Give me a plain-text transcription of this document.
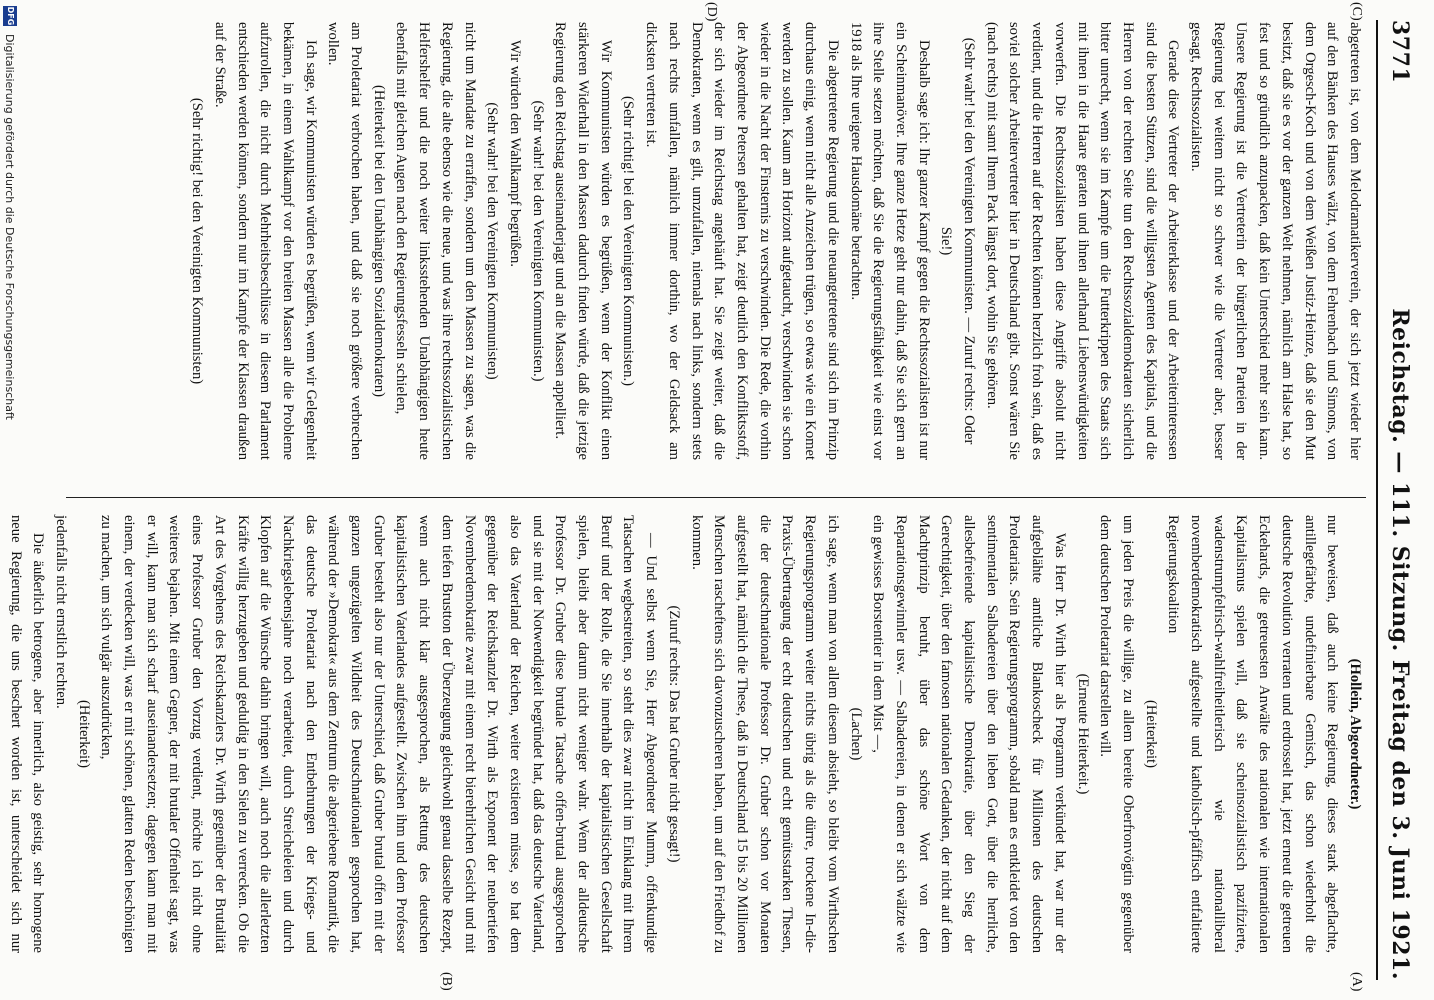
3771
Reichstag. — 111. Sitzung. Freitag den 3. Juni 1921.
(C)
(D)
(A)
(B)

abgetreten ist, von dem Melodramatikerverein, der sich jetzt wieder hier auf den Bänken des Hauses wälzt, von dem Fehrenbach und Simons, von dem Orgesch-Koch und von dem Weißen Justiz-Heinze, daß sie den Mut besitzt, daß sie es vor der ganzen Welt nehmen, nämlich am Halse hat, so fest und so gründlich anzupacken, daß kein Unterschied mehr sein kann. Unsere Regierung ist die Vertreterin der bürgerlichen Parteien in der Regierung bei weitem nicht so schwer wie die Vertreter aber, besser gesagt, Rechtssozialisten.

Gerade diese Vertreter der Arbeiterklasse und der Arbeiterinteressen sind die besten Stützen, sind die willigsten Agenten des Kapitals, und die Herren von der rechten Seite tun den Rechtssozialdemokraten sicherlich bitter unrecht, wenn sie im Kampfe um die Futterkrippen des Staats sich mit ihnen in die Haare geraten und ihnen allerhand Liebenswürdigkeiten vorwerfen. Die Rechtssozialisten haben diese Angriffe absolut nicht verdient, und die Herren auf der Rechten können herzlich froh sein, daß es soviel solcher Arbeitervertreter hier in Deutschland gibt. Sonst wären Sie (nach rechts) mit samt Ihrem Pack längst dort, wohin Sie gehören.

(Sehr wahr! bei den Vereinigten Kommunisten. — Zuruf rechts: Oder Sie!)

Deshalb sage ich: Ihr ganzer Kampf gegen die Rechtssozialisten ist nur ein Scheinmanöver. Ihre ganze Hetze geht nur dahin, daß Sie sich gern an ihre Stelle setzen möchten, daß Sie die Regierungsfähigkeit wie einst vor 1918 als Ihre ureigene Hausdomäne betrachten.

Die abgetretene Regierung und die neuangetretene sind sich im Prinzip durchaus einig, wenn nicht alle Anzeichen trügen, so etwas wie ein Komet werden zu sollen. Kaum am Horizont aufgetaucht, verschwinden sie schon wieder in die Nacht der Finsternis zu verschwinden. Die Rede, die vorhin der Abgeordnete Petersen gehalten hat, zeigt deutlich den Konfliktsstoff, der sich wieder im Reichstag angehäuft hat. Sie zeigt weiter, daß die Demokraten, wenn es gilt, umzufallen, niemals nach links, sondern stets nach rechts umfallen, nämlich immer dorthin, wo der Geldsack am dicksten vertreten ist.

(Sehr richtig! bei den Vereinigten Kommunisten.)

Wir Kommunisten würden es begrüßen, wenn der Konflikt einen stärkeren Widerhall in den Massen dadurch finden würde, daß die jetzige Regierung den Reichstag auseinanderjagt und an die Massen appelliert.

(Sehr wahr! bei den Vereinigten Kommunisten.)

Wir würden den Wahlkampf begrüßen.

(Sehr wahr! bei den Vereinigten Kommunisten)

nicht um Mandate zu erraffen, sondern um den Massen zu sagen, was die Regierung, die alte ebenso wie die neue, und was ihre rechtssozialistischen Helfershelfer und die noch weiter linksstehenden Unabhängigen heute ebenfalls mit gleichen Augen nach den Regierungsfesseln schielen,

(Heiterkeit bei den Unabhängigen Sozialdemokraten)

am Proletariat verbrochen haben, und daß sie noch größere verbrechen wollen.

Ich sage, wir Kommunisten würden es begrüßen, wenn wir Gelegenheit bekämen, in einem Wahlkampf vor den breiten Massen alle die Probleme aufzurollen, die nicht durch Mehrheitsbeschlüsse in diesem Parlament entschieden werden können, sondern nur im Kampfe der Klassen draußen auf der Straße.

(Sehr richtig! bei den Vereinigten Kommunisten)

(Hollein, Abgeordneter.)

nur beweisen, daß auch keine Regierung, dieses stark abgeflachte, antillegefärbte, undefinierbare Gemisch, das schon wiederholt die deutsche Revolution verraten und erdrosselt hat, jetzt erneut die getreuen Eckehards, die getreuesten Anwälte des nationalen wie internationalen Kapitalismus spielen will, daß sie scheinsozialistisch pazifizierte, wadenstrumpfelrisch-wahlfreiheitlerisch wie nationalliberal novemberdemokratisch aufgestellte und katholisch-pfäffisch entfaltierte Regierungskoalition

(Heiterkeit)

um jeden Preis die willige, zu allem bereite Oberfronvögtin gegenüber dem deutschen Proletariat darstellen will.

(Erneute Heiterkeit.)

Was Herr Dr. Wirth hier als Programm verkündet hat, war nur der aufgeblähte amtliche Blankoscheck für Millionen des deutschen Proletariats. Sein Regierungsprogramm, sobald man es entkleidet von den sentimentalen Salbadereien über den lieben Gott, über die herrliche, allesbefreiende kapitalistische Demokratie, über den Sieg der Gerechtigkeit, über den famosen nationalen Gedanken, der nicht auf dem Machtprinzip beruht, über das schöne Wort von dem Reparationsgewinnler usw. — Salbadereien, in denen er sich wälzte wie ein gewisses Borstentier in dem Mist —,

(Lachen)

ich sage, wenn man von allem diesem absieht, so bleibt vom Wirthschen Regierungsprogramm weiter nichts übrig als die dürre, trockene In-die-Praxis-Übertragung der echt deutschen und echt gemütsstarken Thesen, die der deutschnationale Professor Dr. Gruber schon vor Monaten aufgestellt hat, nämlich die These, daß in Deutschland 15 bis 20 Millionen Menschen rascheftens sich davonzuscheren haben, um auf den Friedhof zu kommen.

(Zuruf rechts: Das hat Gruber nicht gesagt!)

— Und selbst wenn Sie, Herr Abgeordneter Mumm, offenkundige Tatsachen wegbestreiten, so steht dies zwar nicht im Einklang mit Ihrem Beruf und der Rolle, die Sie innerhalb der kapitalistischen Gesellschaft spielen, bleibt aber darum nicht weniger wahr. Wenn der alldeutsche Professor Dr. Gruber diese brutale Tatsache offen-brutal ausgesprochen und sie mit der Notwendigkeit begründet hat, daß das deutsche Vaterland, also das Vaterland der Reichen, weiter existieren müsse, so hat dem gegenüber der Reichskanzler Dr. Wirth als Exponent der neubertiefen Novemberdemokratie zwar mit einem recht bierehrlichen Gesicht und mit dem tiefen Brustton der Überzeugung gleichwohl genau dasselbe Rezept, wenn auch nicht klar ausgesprochen, als Rettung des deutschen kapitalistischen Vaterlandes aufgestellt. Zwischen ihm und dem Professor Gruber besteht also nur der Unterschied, daß Gruber brutal offen mit der ganzen ungezügelten Wildheit des Deutschnationalen gesprochen hat, während der »Demokrat« aus dem Zentrum die abgeriebene Romantik, die das deutsche Proletariat nach den Entbehrungen der Kriegs- und Nachkriegslebensjahre noch verarbeitet, durch Streicheleien und durch Klopfen auf die Wünsche dahin bringen will, auch noch die allerletzten Kräfte willig herzugeben und geduldig in den Sielen zu verrecken. Ob die Art des Vorgehens des Reichskanzlers Dr. Wirth gegenüber der Brutalität eines Professor Gruber den Vorzug verdient, möchte ich nicht ohne weiteres bejahen. Mit einem Gegner, der mit brutaler Offenheit sagt, was er will, kann man sich scharf auseinandersetzen; dagegen kann man mit einem, der verdecken will, was er mit schönen, glatten Reden beschönigen zu machen, um sich vulgär auszudrücken,

(Heiterkeit)

jedenfalls nicht ernstlich rechten.

Die äußerlich betrogene, aber innerlich, also geistig, sehr homogene neue Regierung, die uns beschert worden ist, unterscheidet sich nur

DFG
Digitalisierung gefördert durch die Deutsche Forschungsgemeinschaft
